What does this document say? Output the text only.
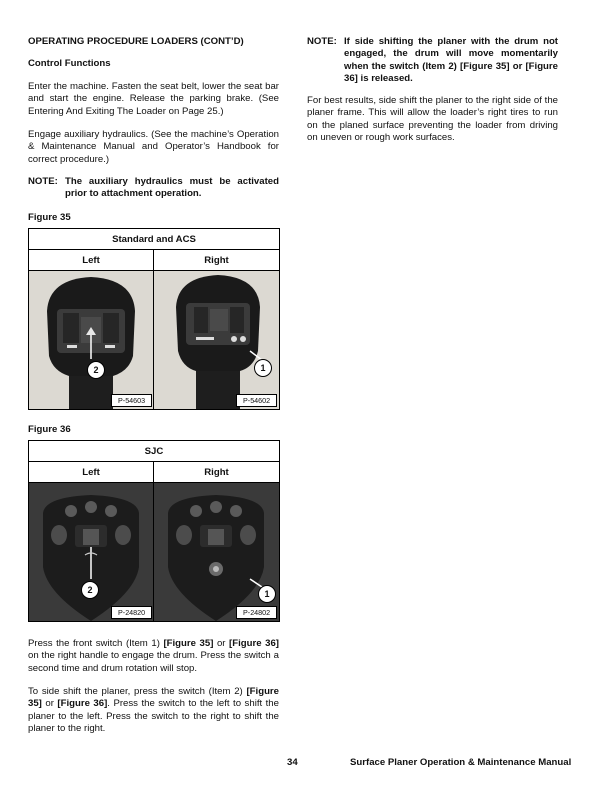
OPERATING PROCEDURE LOADERS (CONT’D)
Control Functions
Enter the machine. Fasten the seat belt, lower the seat bar and start the engine. Release the parking brake. (See Entering And Exiting The Loader on Page 25.)
Engage auxiliary hydraulics. (See the machine’s Operation & Maintenance Manual and Operator’s Handbook for correct procedure.)
NOTE: The auxiliary hydraulics must be activated prior to attachment operation.
Figure 35
Standard and ACS
Left	Right
2
P-54603
1
P-54602
Figure 36
SJC
Left	Right
2
P-24820
1
P-24802
Press the front switch (Item 1) [Figure 35] or [Figure 36] on the right handle to engage the drum. Press the switch a second time and drum rotation will stop.
To side shift the planer, press the switch (Item 2) [Figure 35] or [Figure 36]. Press the switch to the left to shift the planer to the left. Press the switch to the right to shift the planer to the right.
NOTE: If side shifting the planer with the drum not engaged, the drum will move momentarily when the switch (Item 2) [Figure 35] or [Figure 36] is released.
For best results, side shift the planer to the right side of the planer frame. This will allow the loader’s right tires to run on the planed surface preventing the loader from driving on uneven or rough work surfaces.
34	Surface Planer Operation & Maintenance Manual
